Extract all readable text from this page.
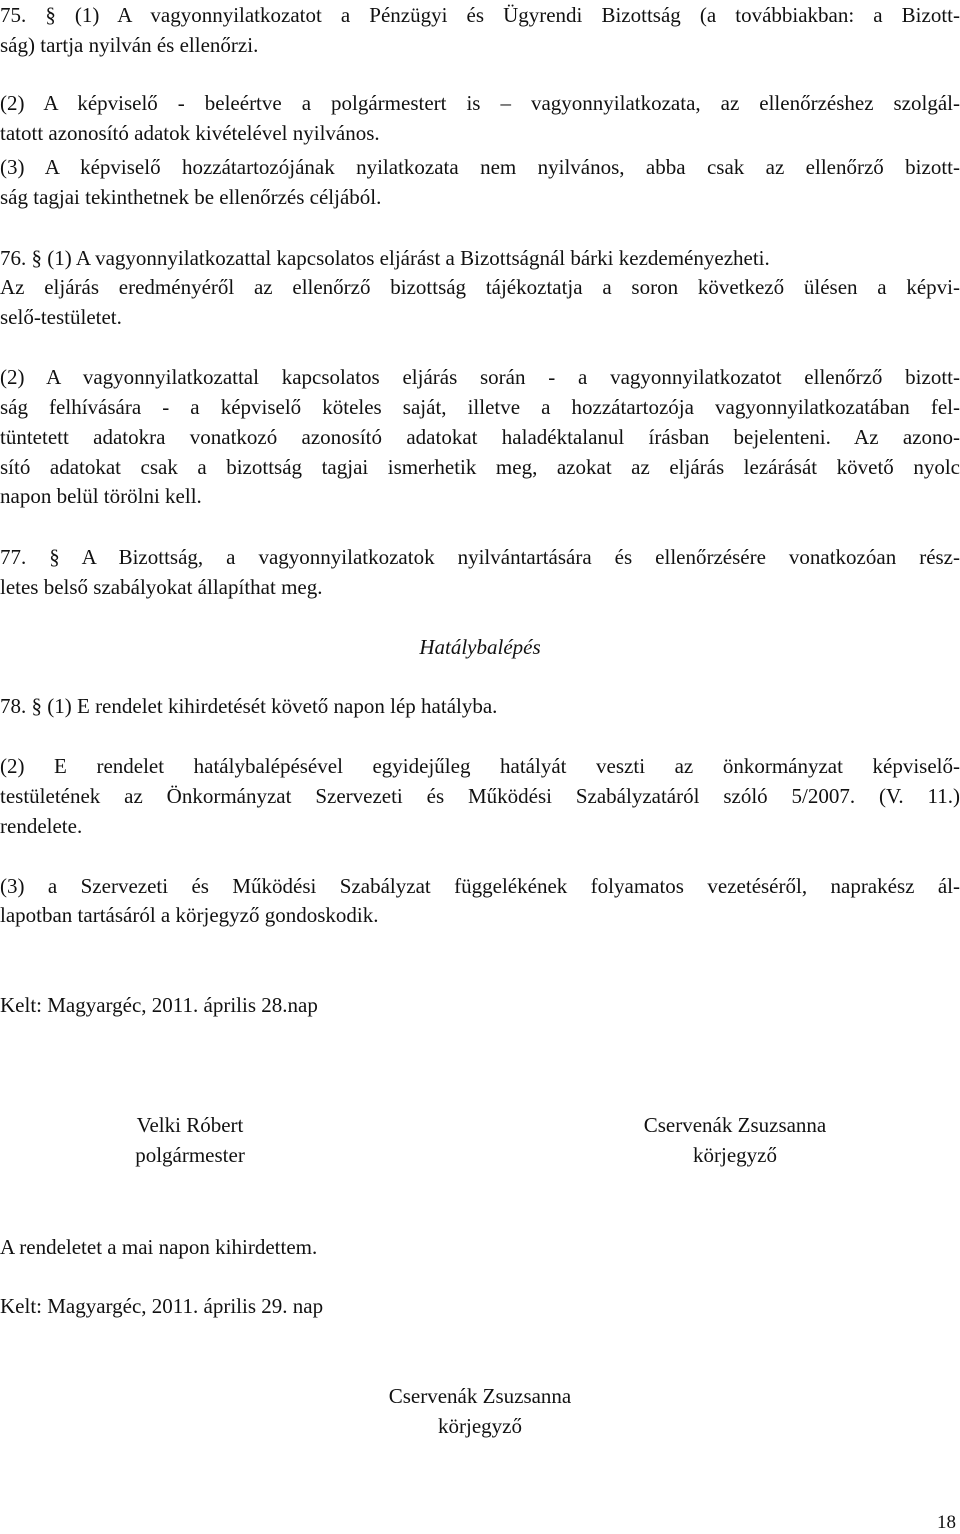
75. § (1) A vagyonnyilatkozatot a Pénzügyi és Ügyrendi Bizottság (a továbbiakban: a Bizott-
ság) tartja nyilván és ellenőrzi.
(2) A képviselő - beleértve a polgármestert is – vagyonnyilatkozata, az ellenőrzéshez szolgál-
tatott azonosító adatok kivételével nyilvános.
(3) A képviselő hozzátartozójának nyilatkozata nem nyilvános, abba csak az ellenőrző bizott-
ság tagjai tekinthetnek be ellenőrzés céljából.
76. § (1) A vagyonnyilatkozattal kapcsolatos eljárást a Bizottságnál bárki kezdeményezheti.
Az eljárás eredményéről az ellenőrző bizottság tájékoztatja a soron következő ülésen a képvi-
selő-testületet.
(2) A vagyonnyilatkozattal kapcsolatos eljárás során - a vagyonnyilatkozatot ellenőrző bizott-
ság felhívására - a képviselő köteles saját, illetve a hozzátartozója vagyonnyilatkozatában fel-
tüntetett adatokra vonatkozó azonosító adatokat haladéktalanul írásban bejelenteni. Az azono-
sító adatokat csak a bizottság tagjai ismerhetik meg, azokat az eljárás lezárását követő nyolc
napon belül törölni kell.
77. § A Bizottság, a vagyonnyilatkozatok nyilvántartására és ellenőrzésére vonatkozóan rész-
letes belső szabályokat állapíthat meg.
Hatálybalépés
78. § (1) E rendelet kihirdetését követő napon lép hatályba.
(2) E rendelet hatálybalépésével egyidejűleg hatályát veszti az önkormányzat képviselő-
testületének az Önkormányzat Szervezeti és Működési Szabályzatáról szóló 5/2007. (V. 11.)
rendelete.
(3) a Szervezeti és Működési Szabályzat függelékének folyamatos vezetéséről, naprakész ál-
lapotban tartásáról a körjegyző gondoskodik.
Kelt: Magyargéc, 2011. április 28.nap
Velki Róbert
polgármester
Cservenák Zsuzsanna
körjegyző
A rendeletet a mai napon kihirdettem.
Kelt: Magyargéc, 2011. április 29. nap
Cservenák Zsuzsanna
körjegyző
18
